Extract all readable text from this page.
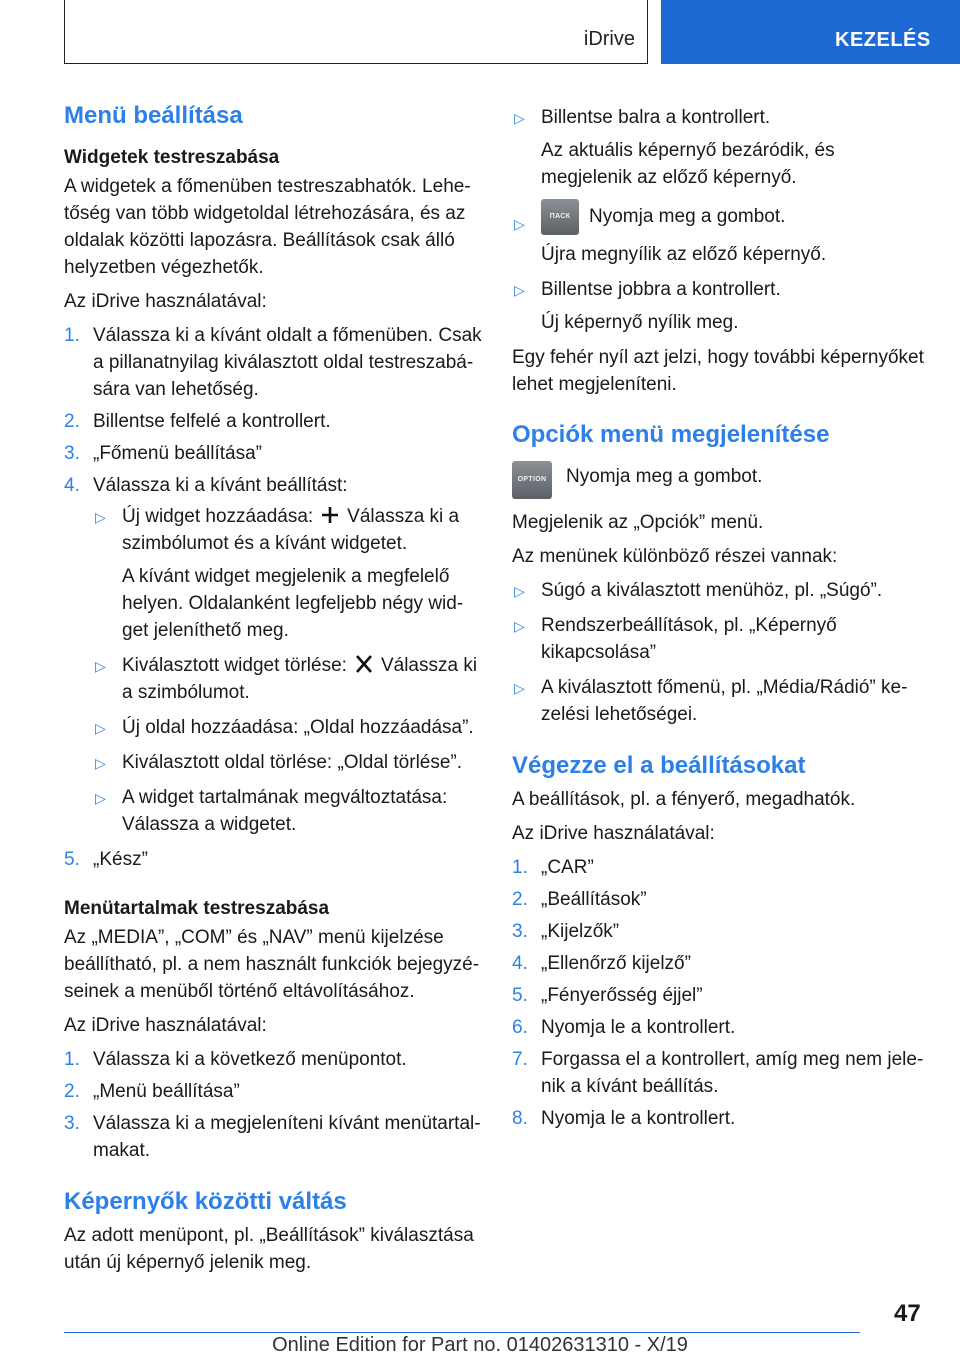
iDrive	KEZELÉS
Menü beállítása
Widgetek testreszabása

A widgetek a főmenüben testreszabhatók. Lehe- tőség van több widgetoldal létrehozására, és az oldalak közötti lapozásra. Beállítások csak álló helyzetben végezhetők.

Az iDrive használatával:

1. Válassza ki a kívánt oldalt a főmenüben. Csak a pillanatnyilag kiválasztott oldal testreszabá- sára van lehetőség.
2. Billentse felfelé a kontrollert.
3. „Főmenü beállítása”
4. Válassza ki a kívánt beállítást:
▷ Új widget hozzáadása: Válassza ki a szimbólumot és a kívánt widgetet.
A kívánt widget megjelenik a megfelelő helyen. Oldalanként legfeljebb négy wid- get jeleníthető meg.
▷ Kiválasztott widget törlése: Válassza ki a szimbólumot.
▷ Új oldal hozzáadása: „Oldal hozzáadása”.
▷ Kiválasztott oldal törlése: „Oldal törlése”.
▷ A widget tartalmának megváltoztatása: Válassza a widgetet.
5. „Kész”
Menütartalmak testreszabása

Az „MEDIA”, „COM” és „NAV” menü kijelzése beállítható, pl. a nem használt funkciók bejegyzé- seinek a menüből történő eltávolításához.

Az iDrive használatával:

1. Válassza ki a következő menüpontot.
2. „Menü beállítása”
3. Válassza ki a megjeleníteni kívánt menütartal- makat.
Képernyők közötti váltás

Az adott menüpont, pl. „Beállítások” kiválasztása után új képernyő jelenik meg.

▷ Billentse balra a kontrollert.
Az aktuális képernyő bezáródik, és megjelenik az előző képernyő.
▷	ПАСК Nyomja meg a gombot.
Újra megnyílik az előző képernyő.
▷ Billentse jobbra a kontrollert.
Új képernyő nyílik meg.

Egy fehér nyíl azt jelzi, hogy további képernyőket lehet megjeleníteni.

Opciók menü megjelenítése
OPTION Nyomja meg a gombot.

Megjelenik az „Opciók” menü.

Az menünek különböző részei vannak:

▷ Súgó a kiválasztott menühöz, pl. „Súgó”.
▷ Rendszerbeállítások, pl. „Képernyő kikapcsolása”
▷ A kiválasztott főmenü, pl. „Média/Rádió” ke- zelési lehetőségei.
Végezze el a beállításokat

A beállítások, pl. a fényerő, megadhatók.

Az iDrive használatával:

1. „CAR”
2. „Beállítások”
3. „Kijelzők”
4. „Ellenőrző kijelző”
5. „Fényerősség éjjel”
6. Nyomja le a kontrollert.
7. Forgassa el a kontrollert, amíg meg nem jele- nik a kívánt beállítás.
8. Nyomja le a kontrollert.
47
Online Edition for Part no. 01402631310 - X/19
